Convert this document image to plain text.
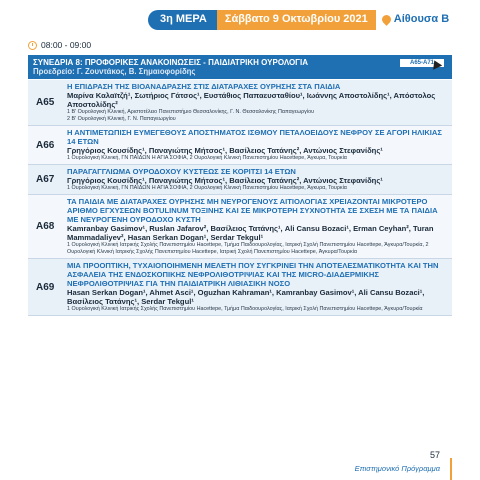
3η ΜΕΡΑ	Σάββατο 9 Οκτωβρίου 2021	Αίθουσα Β
08:00 - 09:00
ΣΥΝΕΔΡΙΑ 8: ΠΡΟΦΟΡΙΚΕΣ ΑΝΑΚΟΙΝΩΣΕΙΣ - ΠΑΙΔΙΑΤΡΙΚΗ ΟΥΡΟΛΟΓΙΑ
Προεδρείο: Γ. Ζουντάκος, Β. Σημαιοφορίδης
Α65-Α71
Α65
Η ΕΠΙΔΡΑΣΗ ΤΗΣ ΒΙΟΑΝΑΔΡΑΣΗΣ ΣΤΙΣ ΔΙΑΤΑΡΑΧΕΣ ΟΥΡΗΣΗΣ ΣΤΑ ΠΑΙΔΙΑ
Μαρίνα Καλαϊτζή¹, Σωτήριος Γάτσος¹, Ευστάθιος Παπαευσταθίου¹, Ιωάννης Αποστολίδης¹, Απόστολος Αποστολίδης²
1 Β' Ουρολογική Κλινική, Αριστοτέλειο Πανεπιστήμιο Θεσσαλονίκης, Γ. Ν. Θεσσαλονίκης Παπαγεωργίου
2 Β' Ουρολογική Κλινική, Γ. Ν. Παπαγεωργίου
Α66
Η ΑΝΤΙΜΕΤΩΠΙΣΗ ΕΥΜΕΓΕΘΟΥΣ ΑΠΟΣΤΗΜΑΤΟΣ ΙΣΘΜΟΥ ΠΕΤΑΛΟΕΙΔΟΥΣ ΝΕΦΡΟΥ ΣΕ ΑΓΟΡΙ ΗΛΙΚΙΑΣ 14 ΕΤΩΝ
Γρηγόριος Κουσίδης¹, Παναγιώτης Μήτσος¹, Βασίλειος Τατάνης², Αντώνιος Στεφανίδης¹
1 Ουρολογική Κλινική, ΓΝ ΠΑΙΔΩΝ Η ΑΓΙΑ ΣΟΦΙΑ, 2 Ουρολογική Κλινική Πανεπιστημίου Hacettepe, Άγκυρα, Τουρκία
Α67
ΠΑΡΑΓΑΓΓΛΙΩΜΑ ΟΥΡΟΔΟΧΟΥ ΚΥΣΤΕΩΣ ΣΕ ΚΟΡΙΤΣΙ 14 ΕΤΩΝ
Γρηγόριος Κουσίδης¹, Παναγιώτης Μήτσος¹, Βασίλειος Τατάνης², Αντώνιος Στεφανίδης¹
1 Ουρολογική Κλινική, ΓΝ ΠΑΙΔΩΝ Η ΑΓΙΑ ΣΟΦΙΑ, 2 Ουρολογική Κλινική Πανεπιστημίου Hacettepe, Άγκυρα, Τουρκία
Α68
ΤΑ ΠΑΙΔΙΑ ΜΕ ΔΙΑΤΑΡΑΧΕΣ ΟΥΡΗΣΗΣ ΜΗ ΝΕΥΡΟΓΕΝΟΥΣ ΑΙΤΙΟΛΟΓΙΑΣ ΧΡΕΙΑΖΟΝΤΑΙ ΜΙΚΡΟΤΕΡΟ ΑΡΙΘΜΟ ΕΓΧΥΣΕΩΝ BOTULINUM ΤΟΞΙΝΗΣ ΚΑΙ ΣΕ ΜΙΚΡΟΤΕΡΗ ΣΥΧΝΟΤΗΤΑ ΣΕ ΣΧΕΣΗ ΜΕ ΤΑ ΠΑΙΔΙΑ ΜΕ ΝΕΥΡΟΓΕΝΗ ΟΥΡΟΔΟΧΟ ΚΥΣΤΗ
Kamranbay Gasimov¹, Ruslan Jafarov², Βασίλειος Τατάνης¹, Ali Cansu Bozaci¹, Erman Ceyhan², Turan Mammadaliyev², Hasan Serkan Dogan¹, Serdar Tekgul¹
1 Ουρολογική Κλινική Ιατρικής Σχολής Πανεπιστημίου Hacettepe, Τμήμα Παιδοουρολογίας, Ιατρική Σχολή Πανεπιστημίου Hacettepe, Άγκυρα/Τουρκία, 2 Ουρολογική Κλινική Ιατρικής Σχολής Πανεπιστημίου Hacettepe, Ιατρική Σχολή Πανεπιστημίου Hacettepe, Άγκυρα/Τουρκία
Α69
ΜΙΑ ΠΡΟΟΠΤΙΚΗ, ΤΥΧΑΙΟΠΟΙΗΜΕΝΗ ΜΕΛΕΤΗ ΠΟΥ ΣΥΓΚΡΙΝΕΙ ΤΗΝ ΑΠΟΤΕΛΕΣΜΑΤΙΚΟΤΗΤΑ ΚΑΙ ΤΗΝ ΑΣΦΑΛΕΙΑ ΤΗΣ ΕΝΔΟΣΚΟΠΙΚΗΣ ΝΕΦΡΟΛΙΘΟΤΡΙΨΙΑΣ ΚΑΙ ΤΗΣ MICRO-ΔΙΑΔΕΡΜΙΚΗΣ ΝΕΦΡΟΛΙΘΟΤΡΙΨΙΑΣ ΓΙΑ ΤΗΝ ΠΑΙΔΙΑΤΡΙΚΗ ΛΙΘΙΑΣΙΚΗ ΝΟΣΟ
Hasan Serkan Dogan¹, Ahmet Asci¹, Oguzhan Kahraman¹, Kamranbay Gasimov¹, Ali Cansu Bozaci¹, Βασίλειος Τατάνης¹, Serdar Tekgul¹
1 Ουρολογική Κλινική Ιατρικής Σχολής Πανεπιστημίου Hacettepe, Τμήμα Παιδοουρολογίας, Ιατρική Σχολή Πανεπιστημίου Hacettepe, Άγκυρα/Τουρκία
57
Επιστημονικό Πρόγραμμα
